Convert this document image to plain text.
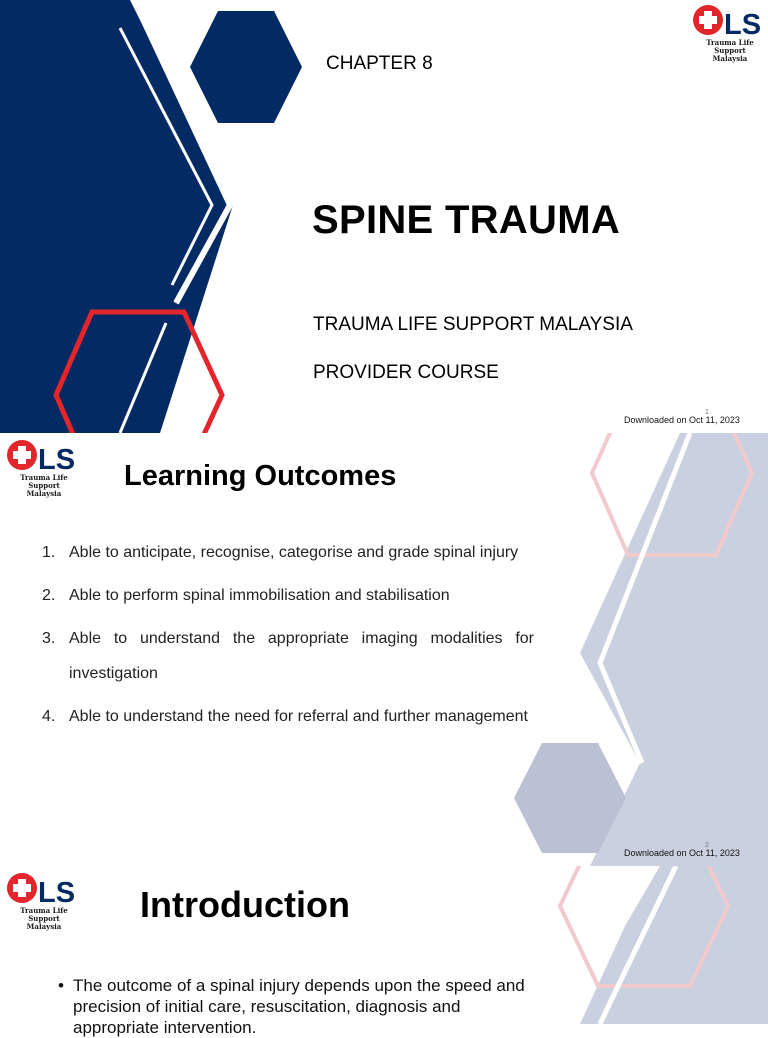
LS
Trauma Life Support
Malaysia
CHAPTER 8
SPINE TRAUMA
TRAUMA LIFE SUPPORT MALAYSIA
PROVIDER COURSE
1
Downloaded on Oct 11, 2023
LS
Trauma Life Support
Malaysia
Learning Outcomes
1. Able to anticipate, recognise, categorise and grade spinal injury
2. Able to perform spinal immobilisation and stabilisation
3. Able to understand the appropriate imaging modalities for investigation
4. Able to understand the need for referral and further management
2
Downloaded on Oct 11, 2023
LS
Trauma Life Support
Malaysia
Introduction
• The outcome of a spinal injury depends upon the speed and precision of initial care, resuscitation, diagnosis and appropriate intervention.
